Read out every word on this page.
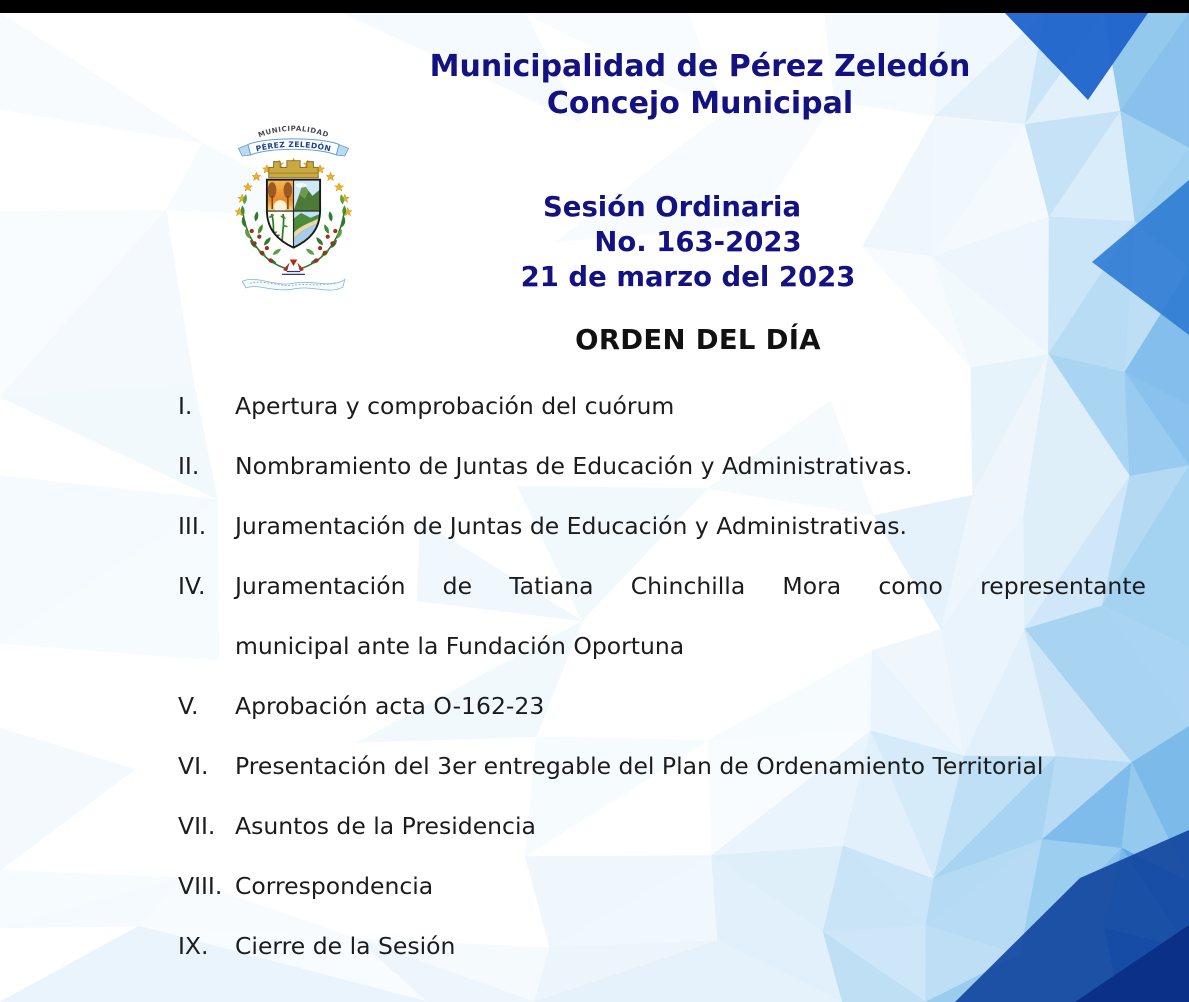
MUNICIPALIDAD
PÉREZ ZELEDÓN
Municipalidad de Pérez Zeledón
Concejo Municipal
Sesión Ordinaria
No. 163-2023
21 de marzo del 2023
ORDEN DEL DÍA
I.	Apertura y comprobación del cuórum
II.	Nombramiento de Juntas de Educación y Administrativas.
III.	Juramentación de Juntas de Educación y Administrativas.
IV.	Juramentación de Tatiana Chinchilla Mora como representante
municipal ante la Fundación Oportuna
V.	Aprobación acta O-162-23
VI.	Presentación del 3er entregable del Plan de Ordenamiento Territorial
VII. Asuntos de la Presidencia
VIII. Correspondencia
IX.	Cierre de la Sesión
